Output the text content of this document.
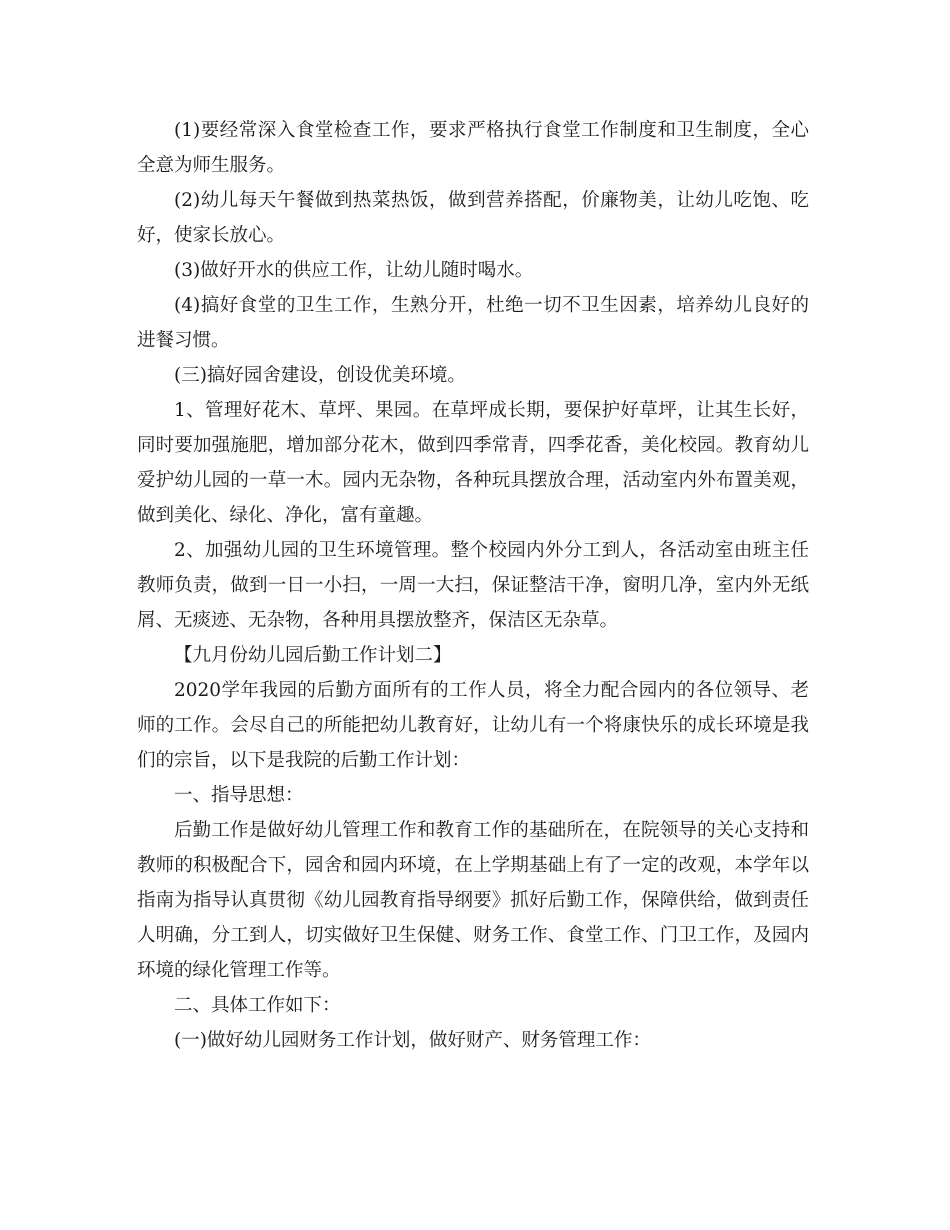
(1)要经常深入食堂检查工作，要求严格执行食堂工作制度和卫生制度，全心全意为师生服务。

(2)幼儿每天午餐做到热菜热饭，做到营养搭配，价廉物美，让幼儿吃饱、吃好，使家长放心。

(3)做好开水的供应工作，让幼儿随时喝水。

(4)搞好食堂的卫生工作，生熟分开，杜绝一切不卫生因素，培养幼儿良好的进餐习惯。

(三)搞好园舍建设，创设优美环境。

1、管理好花木、草坪、果园。在草坪成长期，要保护好草坪，让其生长好，同时要加强施肥，增加部分花木，做到四季常青，四季花香，美化校园。教育幼儿爱护幼儿园的一草一木。园内无杂物，各种玩具摆放合理，活动室内外布置美观，做到美化、绿化、净化，富有童趣。

2、加强幼儿园的卫生环境管理。整个校园内外分工到人，各活动室由班主任教师负责，做到一日一小扫，一周一大扫，保证整洁干净，窗明几净，室内外无纸屑、无痰迹、无杂物，各种用具摆放整齐，保洁区无杂草。

【九月份幼儿园后勤工作计划二】

2020学年我园的后勤方面所有的工作人员，将全力配合园内的各位领导、老师的工作。会尽自己的所能把幼儿教育好，让幼儿有一个将康快乐的成长环境是我们的宗旨，以下是我院的后勤工作计划：

一、指导思想：

后勤工作是做好幼儿管理工作和教育工作的基础所在，在院领导的关心支持和教师的积极配合下，园舍和园内环境，在上学期基础上有了一定的改观，本学年以指南为指导认真贯彻《幼儿园教育指导纲要》抓好后勤工作，保障供给，做到责任人明确，分工到人，切实做好卫生保健、财务工作、食堂工作、门卫工作，及园内环境的绿化管理工作等。

二、具体工作如下：

(一)做好幼儿园财务工作计划，做好财产、财务管理工作：
